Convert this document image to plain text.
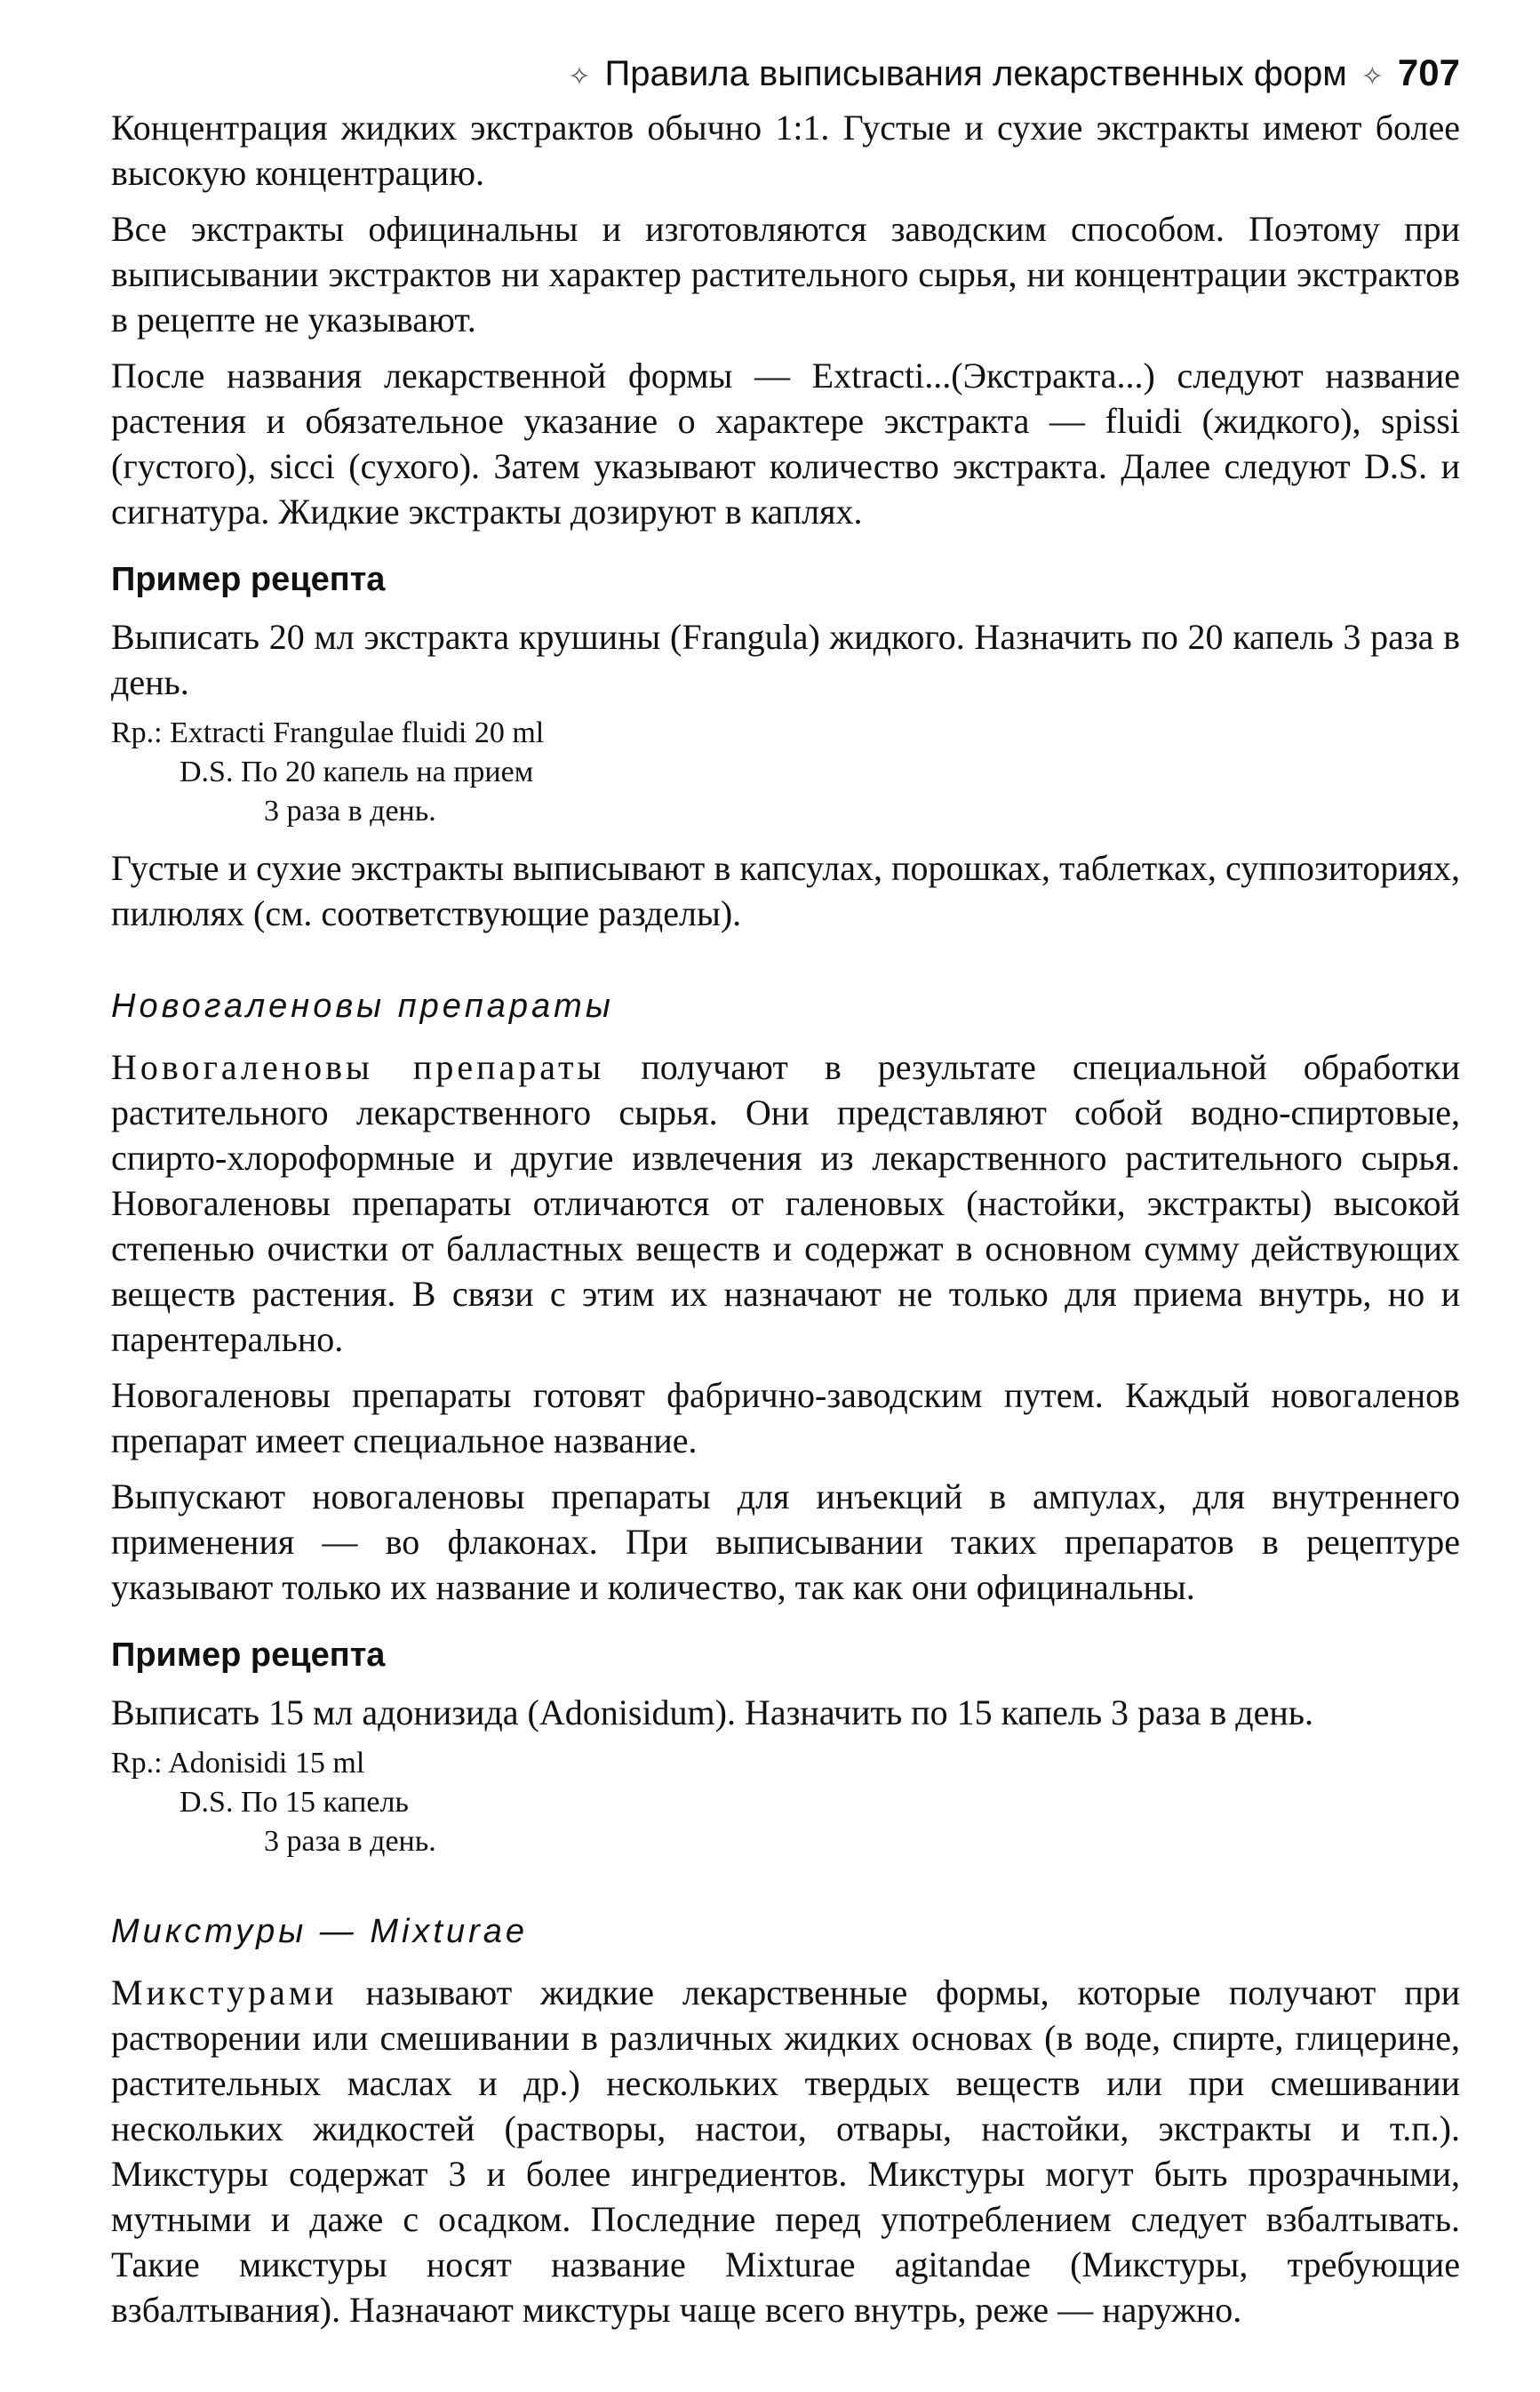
✧ Правила выписывания лекарственных форм ✧ 707

Концентрация жидких экстрактов обычно 1:1. Густые и сухие экстракты имеют более высокую концентрацию.

Все экстракты официнальны и изготовляются заводским способом. Поэтому при выписывании экстрактов ни характер растительного сырья, ни концентрации экстрактов в рецепте не указывают.

После названия лекарственной формы — Extracti...(Экстракта...) следуют название растения и обязательное указание о характере экстракта — fluidi (жидкого), spissi (густого), sicci (сухого). Затем указывают количество экстракта. Далее следуют D.S. и сигнатура. Жидкие экстракты дозируют в каплях.

Пример рецепта

Выписать 20 мл экстракта крушины (Frangula) жидкого. Назначить по 20 капель 3 раза в день.

Rp.: Extracti Frangulae fluidi 20 ml
D.S. По 20 капель на прием
3 раза в день.

Густые и сухие экстракты выписывают в капсулах, порошках, таблетках, суппозиториях, пилюлях (см. соответствующие разделы).

Новогаленовы препараты

Новогаленовы препараты получают в результате специальной обработки растительного лекарственного сырья. Они представляют собой водно-спиртовые, спирто-хлороформные и другие извлечения из лекарственного растительного сырья. Новогаленовы препараты отличаются от галеновых (настойки, экстракты) высокой степенью очистки от балластных веществ и содержат в основном сумму действующих веществ растения. В связи с этим их назначают не только для приема внутрь, но и парентерально.

Новогаленовы препараты готовят фабрично-заводским путем. Каждый новогаленов препарат имеет специальное название.

Выпускают новогаленовы препараты для инъекций в ампулах, для внутреннего применения — во флаконах. При выписывании таких препаратов в рецептуре указывают только их название и количество, так как они официнальны.

Пример рецепта

Выписать 15 мл адонизида (Adonisidum). Назначить по 15 капель 3 раза в день.

Rp.: Adonisidi 15 ml
D.S. По 15 капель
3 раза в день.
Микстуры — Mixturae

Микстурами называют жидкие лекарственные формы, которые получают при растворении или смешивании в различных жидких основах (в воде, спирте, глицерине, растительных маслах и др.) нескольких твердых веществ или при смешивании нескольких жидкостей (растворы, настои, отвары, настойки, экстракты и т.п.). Микстуры содержат 3 и более ингредиентов. Микстуры могут быть прозрачными, мутными и даже с осадком. Последние перед употреблением следует взбалтывать. Такие микстуры носят название Mixturae agitandae (Микстуры, требующие взбалтывания). Назначают микстуры чаще всего внутрь, реже — наружно.
